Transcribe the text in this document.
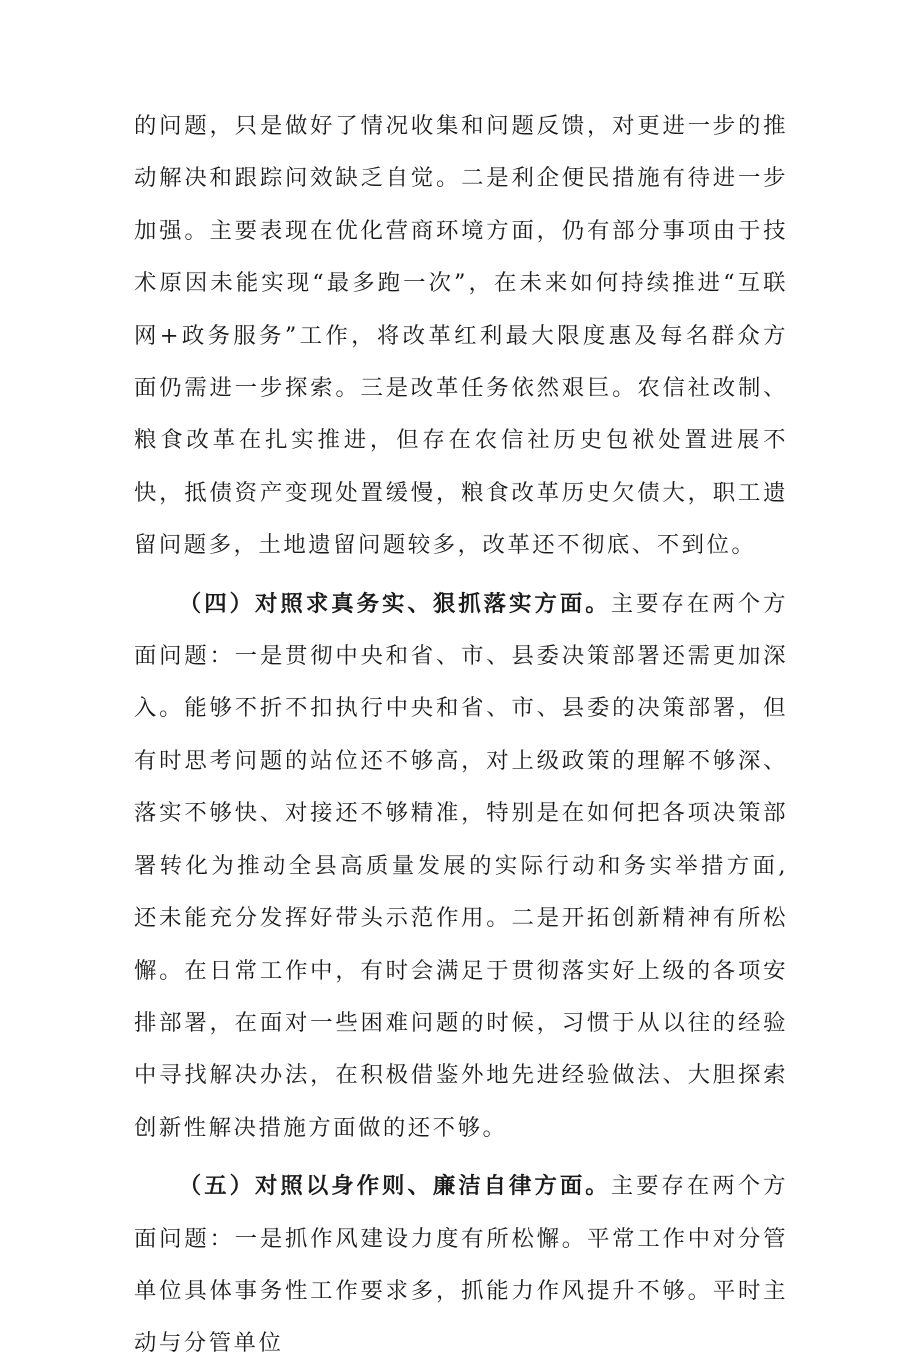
的问题，只是做好了情况收集和问题反馈，对更进一步的推动解决和跟踪问效缺乏自觉。二是利企便民措施有待进一步加强。主要表现在优化营商环境方面，仍有部分事项由于技术原因未能实现“最多跑一次”，在未来如何持续推进“互联网+政务服务”工作，将改革红利最大限度惠及每名群众方面仍需进一步探索。三是改革任务依然艰巨。农信社改制、粮食改革在扎实推进，但存在农信社历史包袱处置进展不快，抵债资产变现处置缓慢，粮食改革历史欠债大，职工遗留问题多，土地遗留问题较多，改革还不彻底、不到位。

（四）对照求真务实、狠抓落实方面。主要存在两个方面问题：一是贯彻中央和省、市、县委决策部署还需更加深入。能够不折不扣执行中央和省、市、县委的决策部署，但有时思考问题的站位还不够高，对上级政策的理解不够深、落实不够快、对接还不够精准，特别是在如何把各项决策部署转化为推动全县高质量发展的实际行动和务实举措方面,还未能充分发挥好带头示范作用。二是开拓创新精神有所松懈。在日常工作中，有时会满足于贯彻落实好上级的各项安排部署，在面对一些困难问题的时候，习惯于从以往的经验中寻找解决办法，在积极借鉴外地先进经验做法、大胆探索创新性解决措施方面做的还不够。

（五）对照以身作则、廉洁自律方面。主要存在两个方面问题：一是抓作风建设力度有所松懈。平常工作中对分管单位具体事务性工作要求多，抓能力作风提升不够。平时主动与分管单位
